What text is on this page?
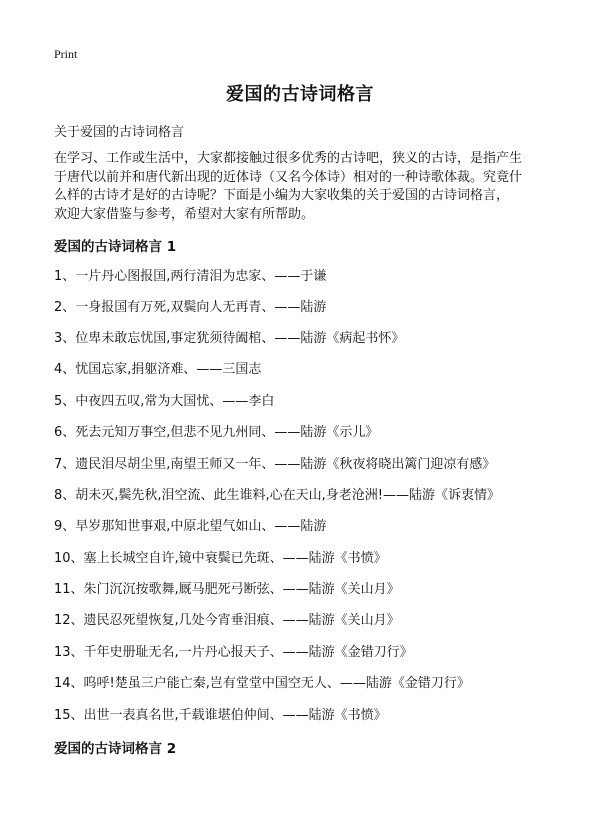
Print
爱国的古诗词格言
关于爱国的古诗词格言
在学习、工作或生活中，大家都接触过很多优秀的古诗吧，狭义的古诗，是指产生
于唐代以前并和唐代新出现的近体诗（又名今体诗）相对的一种诗歌体裁。究竟什
么样的古诗才是好的古诗呢？下面是小编为大家收集的关于爱国的古诗词格言，
欢迎大家借鉴与参考，希望对大家有所帮助。
爱国的古诗词格言 1
1、一片丹心图报国,两行清泪为忠家、——于谦
2、一身报国有万死,双鬓向人无再青、——陆游
3、位卑未敢忘忧国,事定犹须待阖棺、——陆游《病起书怀》
4、忧国忘家,捐躯济难、——三国志
5、中夜四五叹,常为大国忧、——李白
6、死去元知万事空,但悲不见九州同、——陆游《示儿》
7、遗民泪尽胡尘里,南望王师又一年、——陆游《秋夜将晓出篱门迎凉有感》
8、胡未灭,鬓先秋,泪空流、此生谁料,心在天山,身老沧洲!——陆游《诉衷情》
9、早岁那知世事艰,中原北望气如山、——陆游
10、塞上长城空自许,镜中衰鬓已先斑、——陆游《书愤》
11、朱门沉沉按歌舞,厩马肥死弓断弦、——陆游《关山月》
12、遗民忍死望恢复,几处今宵垂泪痕、——陆游《关山月》
13、千年史册耻无名,一片丹心报天子、——陆游《金错刀行》
14、呜呼!楚虽三户能亡秦,岂有堂堂中国空无人、——陆游《金错刀行》
15、出世一表真名世,千载谁堪伯仲间、——陆游《书愤》
爱国的古诗词格言 2
